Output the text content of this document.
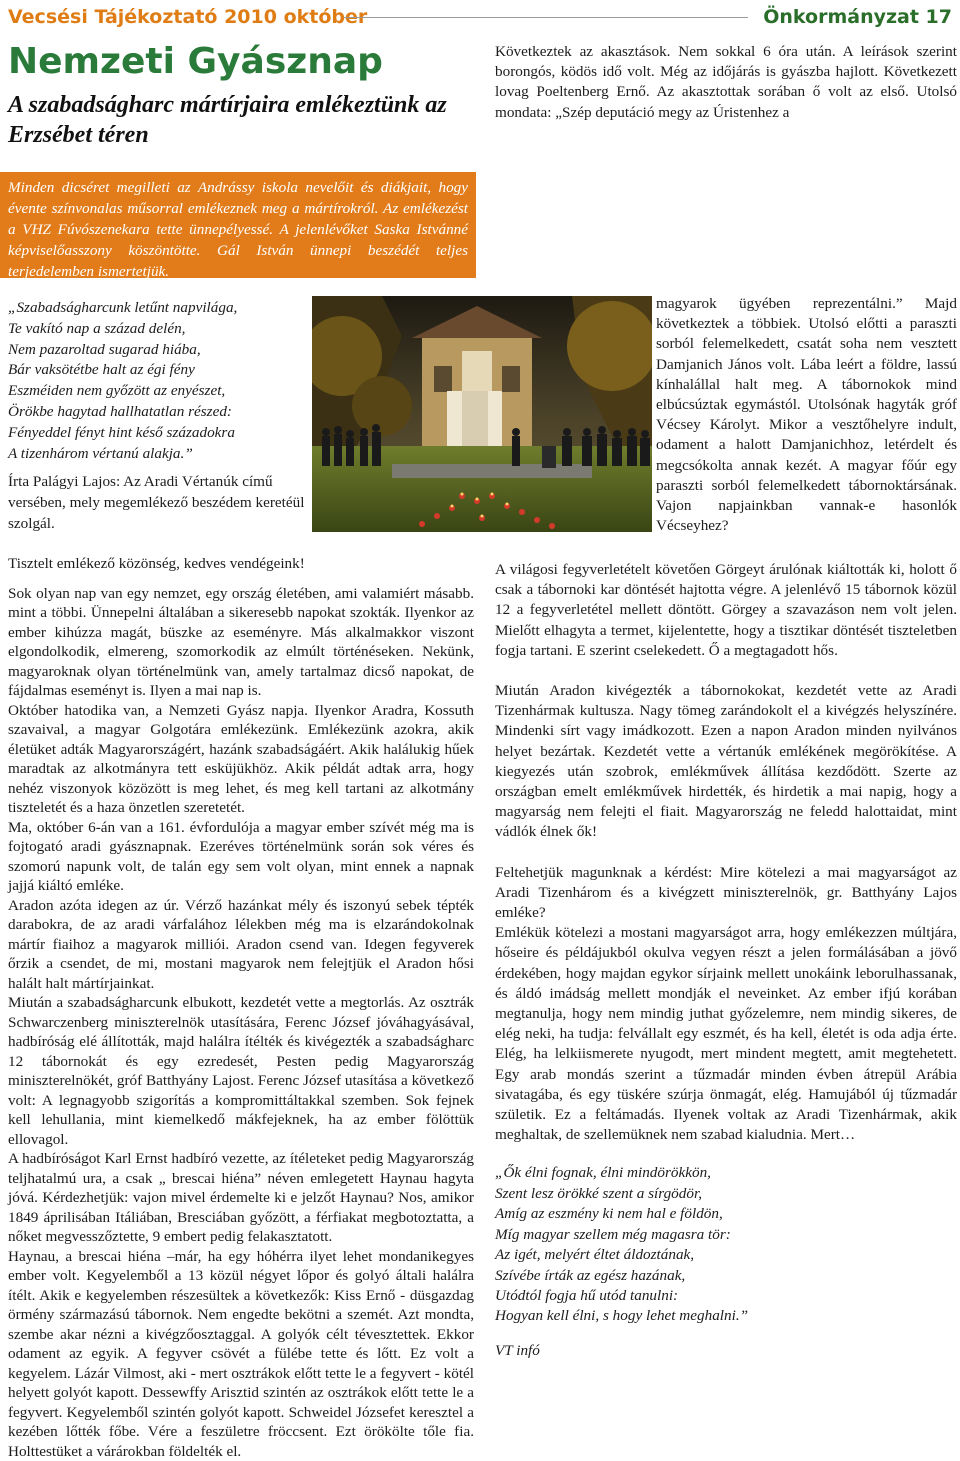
Vecsési Tájékoztató 2010 október	Önkormányzat 17
Nemzeti Gyásznap
A szabadságharc mártírjaira emlékeztünk az Erzsébet téren

Minden dicséret megilleti az Andrássy iskola nevelőit és diákjait, hogy évente színvonalas műsorral emlékeznek meg a mártírokról. Az emlékezést a VHZ Fúvószenekara tette ünnepélyessé. A jelenlévőket Saska Istvánné képviselőasszony köszöntötte. Gál István ünnepi beszédét teljes terjedelemben ismertetjük.

„Szabadságharcunk letűnt napvilága,

Te vakító nap a század delén,

Nem pazaroltad sugarad hiába,

Bár vaksötétbe halt az égi fény

Eszméiden nem győzött az enyészet,

Örökbe hagytad hallhatatlan részed:

Fényeddel fényt hint késő századokra

A tizenhárom vértanú alakja.”

Írta Palágyi Lajos: Az Aradi Vértanúk című versében, mely megemlékező beszédem keretéül szolgál.

Tisztelt emlékező közönség, kedves vendégeink!

Sok olyan nap van egy nemzet, egy ország életében, ami valamiért másabb. mint a többi. Ünnepelni általában a sikeresebb napokat szokták. Ilyenkor az ember kihúzza magát, büszke az eseményre. Más alkalmakkor viszont elgondolkodik, elmereng, szomorkodik az elmúlt történéseken. Nekünk, magyaroknak olyan történelmünk van, amely tartalmaz dicső napokat, de fájdalmas eseményt is. Ilyen a mai nap is.

Október hatodika van, a Nemzeti Gyász napja. Ilyenkor Aradra, Kossuth szavaival, a magyar Golgotára emlékezünk. Emlékezünk azokra, akik életüket adták Magyarországért, hazánk szabadságáért. Akik halálukig hűek maradtak az alkotmányra tett esküjükhöz. Akik példát adtak arra, hogy nehéz viszonyok közözött is meg lehet, és meg kell tartani az alkotmány tiszteletét és a haza önzetlen szeretetét.

Ma, október 6-án van a 161. évfordulója a magyar ember szívét még ma is fojtogató aradi gyásznapnak. Ezeréves történelmünk során sok véres és szomorú napunk volt, de talán egy sem volt olyan, mint ennek a napnak jajjá kiáltó emléke.

Aradon azóta idegen az úr. Vérző hazánkat mély és iszonyú sebek tépték darabokra, de az aradi várfalához lélekben még ma is elzarándokolnak mártír fiaihoz a magyarok milliói. Aradon csend van. Idegen fegyverek őrzik a csendet, de mi, mostani magyarok nem felejtjük el Aradon hősi halált halt mártírjainkat.

Miután a szabadságharcunk elbukott, kezdetét vette a megtorlás. Az osztrák Schwarczenberg miniszterelnök utasítására, Ferenc József jóváhagyásával, hadbíróság elé állították, majd halálra ítélték és kivégezték a szabadságharc 12 tábornokát és egy ezredesét, Pesten pedig Magyarország miniszterelnökét, gróf Batthyány Lajost. Ferenc József utasítása a következő volt: A legnagyobb szigorítás a kompromittáltakkal szemben. Sok fejnek kell lehullania, mint kiemelkedő mákfejeknek, ha az ember fölöttük ellovagol.

A hadbíróságot Karl Ernst hadbíró vezette, az ítéleteket pedig Magyarország teljhatalmú ura, a csak „ brescai hiéna” néven emlegetett Haynau hagyta jóvá. Kérdezhetjük: vajon mivel érdemelte ki e jelzőt Haynau? Nos, amikor 1849 áprilisában Itáliában, Bresciában győzött, a férfiakat megbotoztatta, a nőket megvesszőztette, 9 embert pedig felakasztatott.

Haynau, a brescai hiéna –már, ha egy hóhérra ilyet lehet mondanikegyes ember volt. Kegyelemből a 13 közül négyet lőpor és golyó általi halálra ítélt. Akik e kegyelemben részesültek a következők: Kiss Ernő - düsgazdag örmény származású tábornok. Nem engedte bekötni a szemét. Azt mondta, szembe akar nézni a kivégzőosztaggal. A golyók célt tévesztettek. Ekkor odament az egyik. A fegyver csövét a fülébe tette és lőtt. Ez volt a kegyelem. Lázár Vilmost, aki - mert osztrákok előtt tette le a fegyvert - kötél helyett golyót kapott. Dessewffy Arisztid szintén az osztrákok előtt tette le a fegyvert. Kegyelemből szintén golyót kapott. Schweidel Józsefet keresztel a kezében lőtték főbe. Vére a feszületre fröccsent. Ezt örökölte tőle fia. Holttestüket a várárokban földelték el.

Következtek az akasztások. Nem sokkal 6 óra után. A leírások szerint borongós, ködös idő volt. Még az időjárás is gyászba hajlott. Következett lovag Poeltenberg Ernő. Az akasztottak sorában ő volt az első. Utolsó mondata: „Szép deputáció megy az Úristenhez a

magyarok ügyében reprezentálni.” Majd következtek a többiek. Utolsó előtti a paraszti sorból felemelkedett, csatát soha nem vesztett Damjanich János volt. Lába leért a földre, lassú kínhalállal halt meg. A tábornokok mind elbúcsúztak egymástól. Utolsónak hagyták gróf Vécsey Károlyt. Mikor a vesztőhelyre indult, odament a halott Damjanichhoz, letérdelt és megcsókolta annak kezét. A magyar főúr egy paraszti sorból felemelkedett tábornoktársának. Vajon napjainkban vannak-e hasonlók Vécseyhez?

A világosi fegyverletételt követően Görgeyt árulónak kiáltották ki, holott ő csak a tábornoki kar döntését hajtotta végre. A jelenlévő 15 tábornok közül 12 a fegyverletétel mellett döntött. Görgey a szavazáson nem volt jelen. Mielőtt elhagyta a termet, kijelentette, hogy a tisztikar döntését tiszteletben fogja tartani. E szerint cselekedett. Ő a megtagadott hős.

Miután Aradon kivégezték a tábornokokat, kezdetét vette az Aradi Tizenhármak kultusza. Nagy tömeg zarándokolt el a kivégzés helyszínére. Mindenki sírt vagy imádkozott. Ezen a napon Aradon minden nyilvános helyet bezártak. Kezdetét vette a vértanúk emlékének megörökítése. A kiegyezés után szobrok, emlékművek állítása kezdődött. Szerte az országban emelt emlékművek hirdették, és hirdetik a mai napig, hogy a magyarság nem felejti el fiait. Magyarország ne feledd halottaidat, mint vádlók élnek ők!

Feltehetjük magunknak a kérdést: Mire kötelezi a mai magyarságot az Aradi Tizenhárom és a kivégzett miniszterelnök, gr. Batthyány Lajos emléke?

Emlékük kötelezi a mostani magyarságot arra, hogy emlékezzen múltjára, hőseire és példájukból okulva vegyen részt a jelen formálásában a jövő érdekében, hogy majdan egykor sírjaink mellett unokáink leborulhassanak, és áldó imádság mellett mondják el neveinket. Az ember ifjú korában megtanulja, hogy nem mindig juthat győzelemre, nem mindig sikeres, de elég neki, ha tudja: felvállalt egy eszmét, és ha kell, életét is oda adja érte. Elég, ha lelkiismerete nyugodt, mert mindent megtett, amit megtehetett. Egy arab mondás szerint a tűzmadár minden évben átrepül Arábia sivatagába, és egy tüskére szúrja önmagát, elég. Hamujából új tűzmadár születik. Ez a feltámadás. Ilyenek voltak az Aradi Tizenhármak, akik meghaltak, de szellemüknek nem szabad kialudnia. Mert…

„Ők élni fognak, élni mindörökkön,

Szent lesz örökké szent a sírgödör,

Amíg az eszmény ki nem hal e földön,

Míg magyar szellem még magasra tör:

Az igét, melyért éltet áldoztának,

Szívébe írták az egész hazának,

Utódtól fogja hű utód tanulni:

Hogyan kell élni, s hogy lehet meghalni.”

VT infó
